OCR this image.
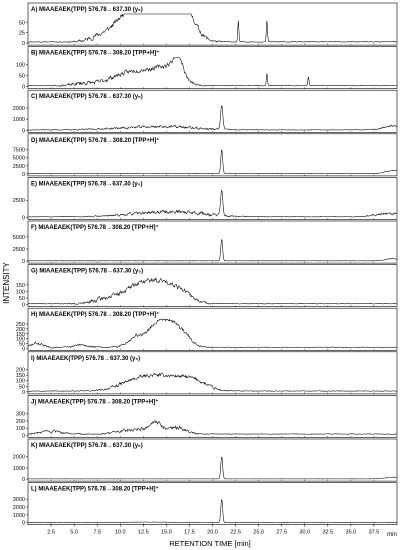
A) MIAAEAEK(TPP) 576.78→637.30 (y₅)
0
25
50
B) MIAAEAEK(TPP) 576.78→308.20 [TPP+H]⁺
0
50
100
C) MIAAEAEK(TPP) 576.78→637.30 (y₅)
0
1000
2000
D) MIAAEAEK(TPP) 576.78→308.20 [TPP+H]⁺
0
2500
5000
7500
E) MIAAEAEK(TPP) 576.78→637.30 (y₅)
0
2500
F) MIAAEAEK(TPP) 576.78→308.20 [TPP+H]⁺
0
2500
5000
G) MIAAEAEK(TPP) 576.78→637.30 (y₅)
0
50
100
150
H) MIAAEAEK(TPP) 576.78→308.20 [TPP+H]⁺
0
50
100
150
200
250
I) MIAAEAEK(TPP) 576.78→637.30 (y₅)
0
50
100
150
200
J) MIAAEAEK(TPP) 576.78→308.20 [TPP+H]⁺
0
100
200
300
K) MIAAEAEK(TPP) 576.78→637.30 (y₅)
0
1000
2000
L) MIAAEAEK(TPP) 576.78→308.20 [TPP+H]⁺
0
1000
2000
3000
2.5	5.0	7.5	10.0 12.5 15.0 17.5 20.0 22.5 25.0 27.5 30.0 32.5 35.0 37.5
INTENSITY
RETENTION TIME [min]
min
